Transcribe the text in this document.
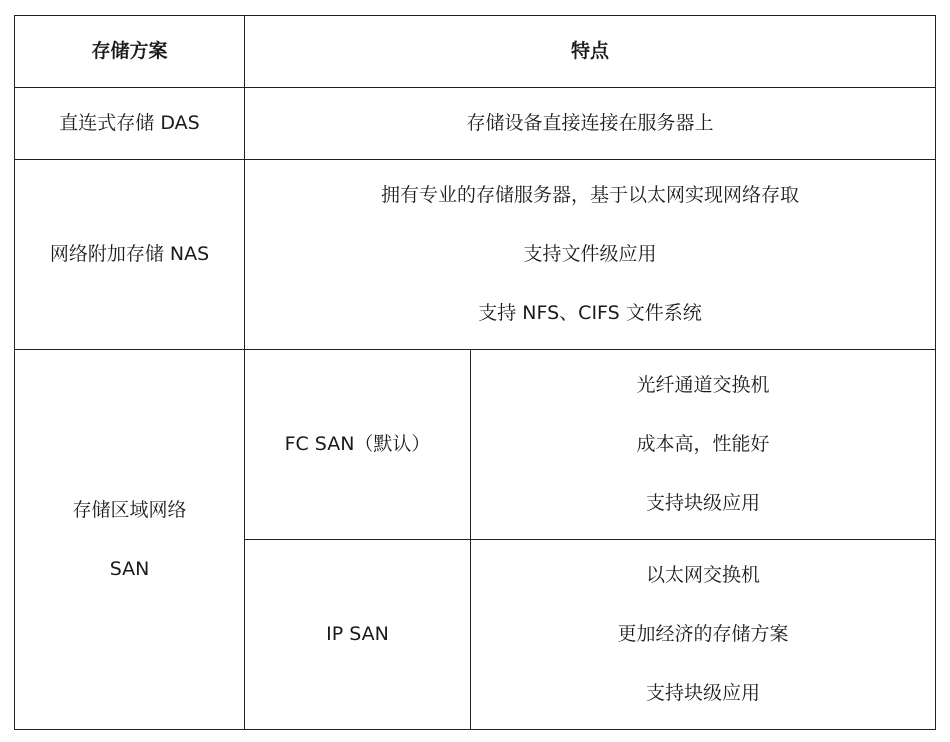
存储方案	特点	
直连式存储 DAS	存储设备直接连接在服务器上	

网络附加存储 NAS	拥有专业的存储服务器，基于以太网实现网络存取
支持文件级应用
支持 NFS、CIFS 文件系统	

存储区域网络
SAN	FC SAN（默认）	光纤通道交换机
成本高，性能好
支持块级应用

	IP SAN	以太网交换机
更加经济的存储方案
支持块级应用
